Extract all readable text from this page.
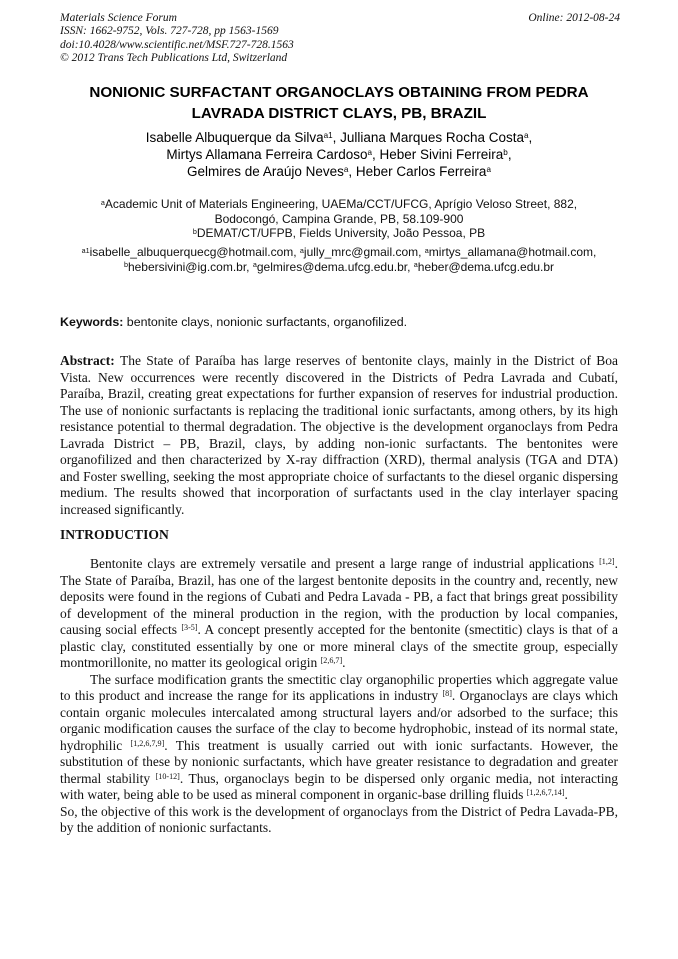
Materials Science Forum
ISSN: 1662-9752, Vols. 727-728, pp 1563-1569
doi:10.4028/www.scientific.net/MSF.727-728.1563
© 2012 Trans Tech Publications Ltd, Switzerland
Online: 2012-08-24
NONIONIC SURFACTANT ORGANOCLAYS OBTAINING FROM PEDRA
LAVRADA DISTRICT CLAYS, PB, BRAZIL
Isabelle Albuquerque da Silva$^{a1}$, Julliana Marques Rocha Costa$^a$,
Mirtys Allamana Ferreira Cardoso$^a$, Heber Sivini Ferreira$^b$,
Gelmires de Araújo Neves$^a$, Heber Carlos Ferreira$^a$
$^a$Academic Unit of Materials Engineering, UAEMa/CCT/UFCG, Aprígio Veloso Street, 882,
Bodocongó, Campina Grande, PB, 58.109-900
$^b$DEMAT/CT/UFPB, Fields University, João Pessoa, PB
$^{a1}$isabelle_albuquerquecg@hotmail.com, $^a$jully_mrc@gmail.com, $^a$mirtys_allamana@hotmail.com,
$^b$hebersivini@ig.com.br, $^a$gelmires@dema.ufcg.edu.br, $^a$heber@dema.ufcg.edu.br
Keywords: bentonite clays, nonionic surfactants, organofilized.
Abstract: The State of Paraíba has large reserves of bentonite clays, mainly in the District of Boa Vista. New occurrences were recently discovered in the Districts of Pedra Lavrada and Cubatí, Paraíba, Brazil, creating great expectations for further expansion of reserves for industrial production. The use of nonionic surfactants is replacing the traditional ionic surfactants, among others, by its high resistance potential to thermal degradation. The objective is the development organoclays from Pedra Lavrada District – PB, Brazil, clays, by adding non-ionic surfactants. The bentonites were organofilized and then characterized by X-ray diffraction (XRD), thermal analysis (TGA and DTA) and Foster swelling, seeking the most appropriate choice of surfactants to the diesel organic dispersing medium. The results showed that incorporation of surfactants used in the clay interlayer spacing increased significantly.
INTRODUCTION

Bentonite clays are extremely versatile and present a large range of industrial applications [1,2]. The State of Paraíba, Brazil, has one of the largest bentonite deposits in the country and, recently, new deposits were found in the regions of Cubati and Pedra Lavada - PB, a fact that brings great possibility of development of the mineral production in the region, with the production by local companies, causing social effects [3-5]. A concept presently accepted for the bentonite (smectitic) clays is that of a plastic clay, constituted essentially by one or more mineral clays of the smectite group, especially montmorillonite, no matter its geological origin [2,6,7].

The surface modification grants the smectitic clay organophilic properties which aggregate value to this product and increase the range for its applications in industry [8]. Organoclays are clays which contain organic molecules intercalated among structural layers and/or adsorbed to the surface; this organic modification causes the surface of the clay to become hydrophobic, instead of its normal state, hydrophilic [1,2,6,7,9]. This treatment is usually carried out with ionic surfactants. However, the substitution of these by nonionic surfactants, which have greater resistance to degradation and greater thermal stability [10-12]. Thus, organoclays begin to be dispersed only organic media, not interacting with water, being able to be used as mineral component in organic-base drilling fluids [1,2,6,7,14].

So, the objective of this work is the development of organoclays from the District of Pedra Lavada-PB, by the addition of nonionic surfactants.
